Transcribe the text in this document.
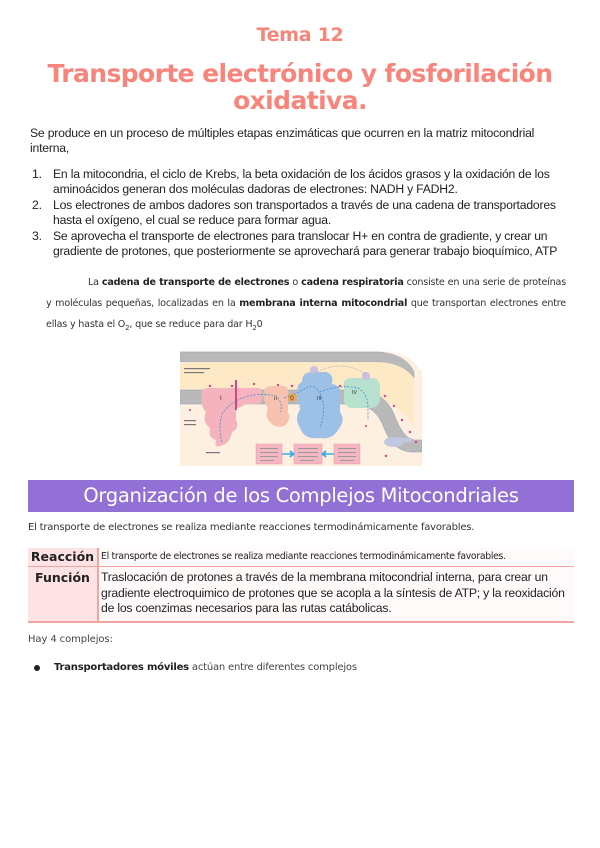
Tema 12
Transporte electrónico y fosforilación
oxidativa.
Se produce en un proceso de múltiples etapas enzimáticas que ocurren en la matriz mitocondrial interna,
1. En la mitocondria, el ciclo de Krebs, la beta oxidación de los ácidos grasos y la oxidación de los aminoácidos generan dos moléculas dadoras de electrones: NADH y FADH2.
2. Los electrones de ambos dadores son transportados a través de una cadena de transportadores hasta el oxígeno, el cual se reduce para formar agua.
3. Se aprovecha el transporte de electrones para translocar H+ en contra de gradiente, y crear un gradiente de protones, que posteriormente se aprovechará para generar trabajo bioquímico, ATP
La cadena de transporte de electrones o cadena respiratoria consiste en una serie de proteínas y moléculas pequeñas, localizadas en la membrana interna mitocondrial que transportan electrones entre ellas y hasta el $O_2$, que se reduce para dar $H_20$
I	II	Q	III
IV
Organización de los Complejos Mitocondriales
El transporte de electrones se realiza mediante reacciones termodinámicamente favorables.
Reacción	El transporte de electrones se realiza mediante reacciones termodinámicamente favorables.
Función	Traslocación de protones a través de la membrana mitocondrial interna, para crear un gradiente electroquimico de protones que se acopla a la síntesis de ATP; y la reoxidación de los coenzimas necesarios para las rutas catábolicas.
Hay 4 complejos:
Transportadores móviles actúan entre diferentes complejos
